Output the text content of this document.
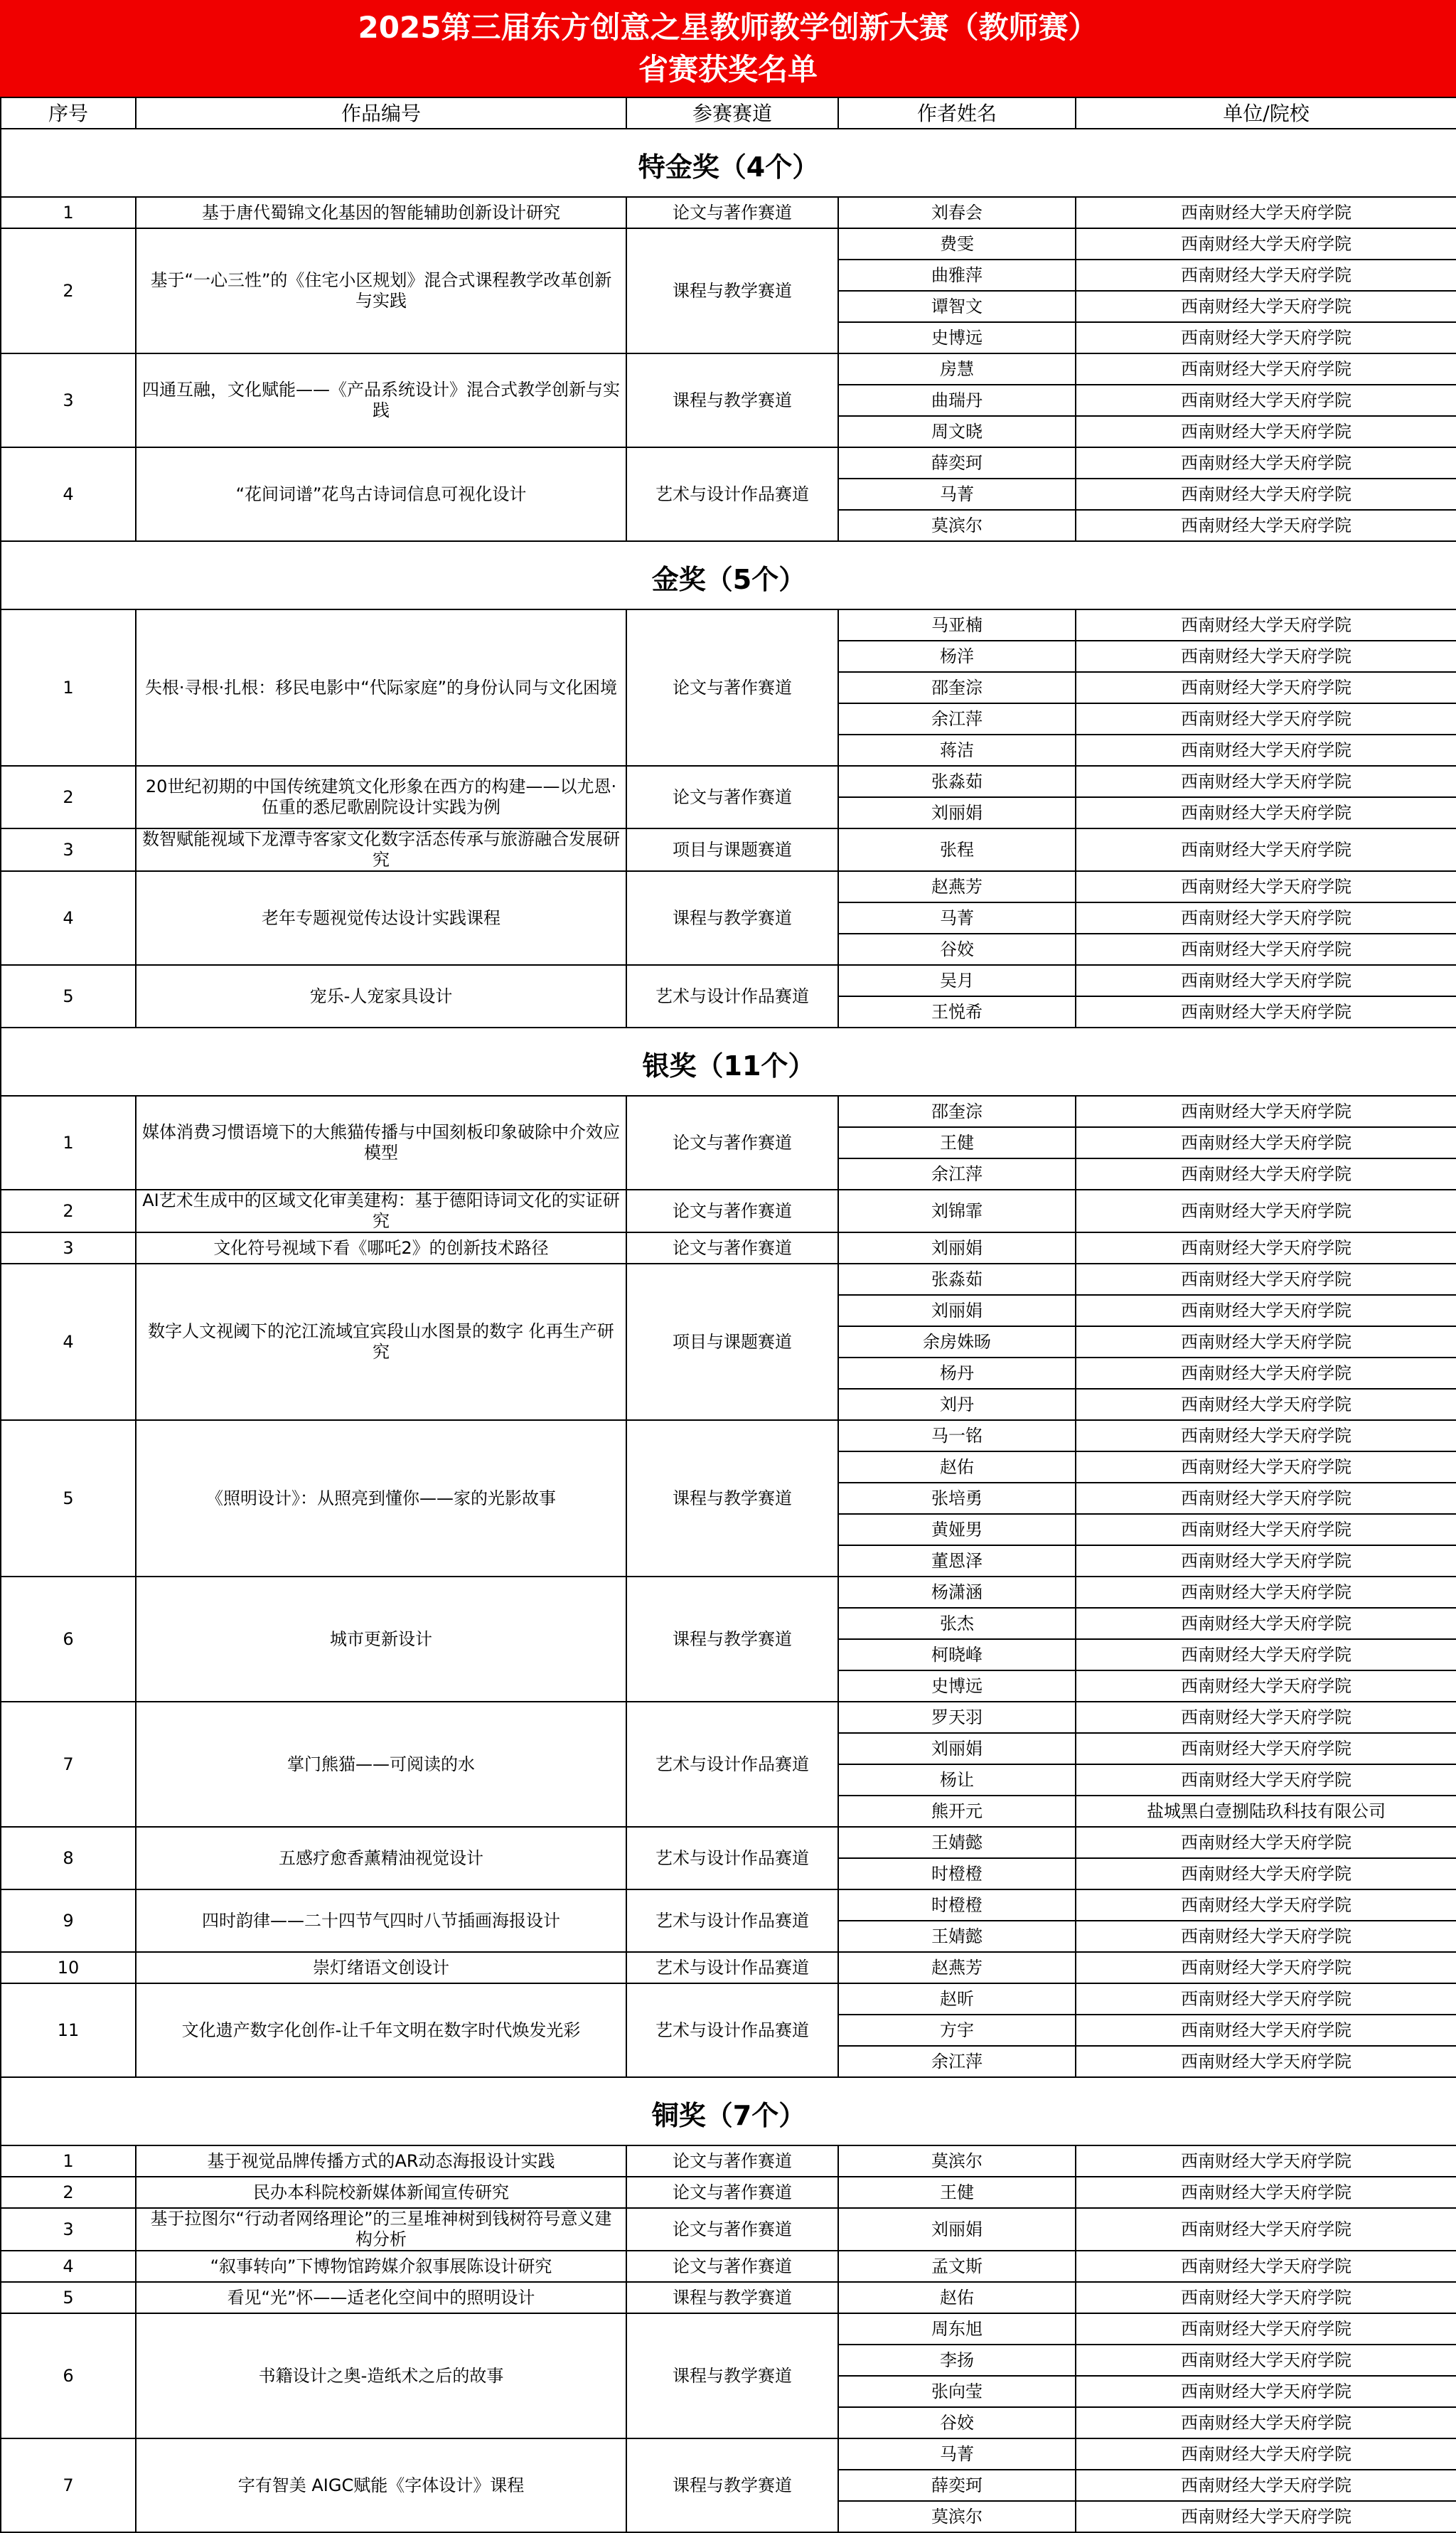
2025第三届东方创意之星教师教学创新大赛（教师赛）
省赛获奖名单
序号	作品编号	参赛赛道	作者姓名	单位/院校
特金奖（4个）				
1	基于唐代蜀锦文化基因的智能辅助创新设计研究	论文与著作赛道	刘春会	西南财经大学天府学院
2	基于“一心三性”的《住宅小区规划》混合式课程教学改革创新与实践	课程与教学赛道	费雯	西南财经大学天府学院
			曲雅萍	西南财经大学天府学院
			谭智文	西南财经大学天府学院
			史博远	西南财经大学天府学院
3	四通互融，文化赋能——《产品系统设计》混合式教学创新与实践	课程与教学赛道	房慧	西南财经大学天府学院
			曲瑞丹	西南财经大学天府学院
			周文晓	西南财经大学天府学院
4	“花间词谱”花鸟古诗词信息可视化设计	艺术与设计作品赛道	薛奕珂	西南财经大学天府学院
			马菁	西南财经大学天府学院
			莫滨尔	西南财经大学天府学院
金奖（5个）				
1	失根·寻根·扎根：移民电影中“代际家庭”的身份认同与文化困境	论文与著作赛道	马亚楠	西南财经大学天府学院
			杨洋	西南财经大学天府学院
			邵奎淙	西南财经大学天府学院
			余江萍	西南财经大学天府学院
			蒋洁	西南财经大学天府学院
2	20世纪初期的中国传统建筑文化形象在西方的构建——以尤恩·伍重的悉尼歌剧院设计实践为例	论文与著作赛道	张淼茹	西南财经大学天府学院
			刘丽娟	西南财经大学天府学院
3	数智赋能视域下龙潭寺客家文化数字活态传承与旅游融合发展研究	项目与课题赛道	张程	西南财经大学天府学院
4	老年专题视觉传达设计实践课程	课程与教学赛道	赵燕芳	西南财经大学天府学院
			马菁	西南财经大学天府学院
			谷姣	西南财经大学天府学院
5	宠乐-人宠家具设计	艺术与设计作品赛道	吴月	西南财经大学天府学院
			王悦希	西南财经大学天府学院
银奖（11个）				
1	媒体消费习惯语境下的大熊猫传播与中国刻板印象破除中介效应模型	论文与著作赛道	邵奎淙	西南财经大学天府学院
			王健	西南财经大学天府学院
			余江萍	西南财经大学天府学院
2	AI艺术生成中的区域文化审美建构：基于德阳诗词文化的实证研究	论文与著作赛道	刘锦霏	西南财经大学天府学院
3	文化符号视域下看《哪吒2》的创新技术路径	论文与著作赛道	刘丽娟	西南财经大学天府学院
4	数字人文视阈下的沱江流域宜宾段山水图景的数字 化再生产研究	项目与课题赛道	张淼茹	西南财经大学天府学院
			刘丽娟	西南财经大学天府学院
			余房姝旸	西南财经大学天府学院
			杨丹	西南财经大学天府学院
			刘丹	西南财经大学天府学院
5	《照明设计》：从照亮到懂你——家的光影故事	课程与教学赛道	马一铭	西南财经大学天府学院
			赵佑	西南财经大学天府学院
			张培勇	西南财经大学天府学院
			黄娅男	西南财经大学天府学院
			董恩泽	西南财经大学天府学院
6	城市更新设计	课程与教学赛道	杨潇涵	西南财经大学天府学院
			张杰	西南财经大学天府学院
			柯晓峰	西南财经大学天府学院
			史博远	西南财经大学天府学院
7	掌门熊猫——可阅读的水	艺术与设计作品赛道	罗天羽	西南财经大学天府学院
			刘丽娟	西南财经大学天府学院
			杨让	西南财经大学天府学院
			熊开元	盐城黑白壹捌陆玖科技有限公司
8	五感疗愈香薰精油视觉设计	艺术与设计作品赛道	王婧懿	西南财经大学天府学院
			时橙橙	西南财经大学天府学院
9	四时韵律——二十四节气四时八节插画海报设计	艺术与设计作品赛道	时橙橙	西南财经大学天府学院
			王婧懿	西南财经大学天府学院
10	崇灯绪语文创设计	艺术与设计作品赛道	赵燕芳	西南财经大学天府学院
11	文化遗产数字化创作-让千年文明在数字时代焕发光彩	艺术与设计作品赛道	赵昕	西南财经大学天府学院
			方宇	西南财经大学天府学院
			余江萍	西南财经大学天府学院
铜奖（7个）				
1	基于视觉品牌传播方式的AR动态海报设计实践	论文与著作赛道	莫滨尔	西南财经大学天府学院
2	民办本科院校新媒体新闻宣传研究	论文与著作赛道	王健	西南财经大学天府学院
3	基于拉图尔“行动者网络理论”的三星堆神树到钱树符号意义建构分析	论文与著作赛道	刘丽娟	西南财经大学天府学院
4	“叙事转向”下博物馆跨媒介叙事展陈设计研究	论文与著作赛道	孟文斯	西南财经大学天府学院
5	看见“光”怀——适老化空间中的照明设计	课程与教学赛道	赵佑	西南财经大学天府学院
6	书籍设计之奥-造纸术之后的故事	课程与教学赛道	周东旭	西南财经大学天府学院
			李扬	西南财经大学天府学院
			张向莹	西南财经大学天府学院
			谷姣	西南财经大学天府学院
7	字有智美 AIGC赋能《字体设计》课程	课程与教学赛道	马菁	西南财经大学天府学院
			薛奕珂	西南财经大学天府学院
			莫滨尔	西南财经大学天府学院
